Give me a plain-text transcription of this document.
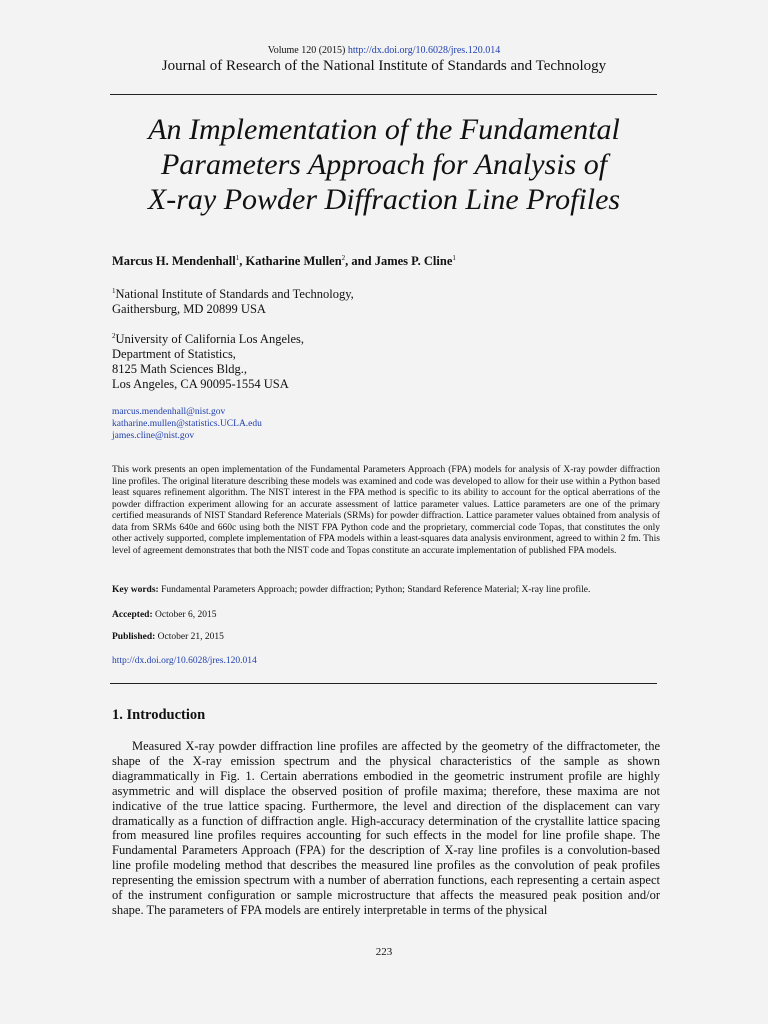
Volume 120 (2015) http://dx.doi.org/10.6028/jres.120.014
Journal of Research of the National Institute of Standards and Technology
An Implementation of the Fundamental
Parameters Approach for Analysis of
X-ray Powder Diffraction Line Profiles
Marcus H. Mendenhall$^1$, Katharine Mullen$^2$, and James P. Cline$^1$
$^1$National Institute of Standards and Technology,
Gaithersburg, MD 20899 USA
$^2$University of California Los Angeles,
Department of Statistics,
8125 Math Sciences Bldg.,
Los Angeles, CA 90095-1554 USA
marcus.mendenhall@nist.gov
katharine.mullen@statistics.UCLA.edu
james.cline@nist.gov
This work presents an open implementation of the Fundamental Parameters Approach (FPA) models for analysis of X-ray powder diffraction line profiles. The original literature describing these models was examined and code was developed to allow for their use within a Python based least squares refinement algorithm. The NIST interest in the FPA method is specific to its ability to account for the optical aberrations of the powder diffraction experiment allowing for an accurate assessment of lattice parameter values. Lattice parameters are one of the primary certified measurands of NIST Standard Reference Materials (SRMs) for powder diffraction. Lattice parameter values obtained from analysis of data from SRMs 640e and 660c using both the NIST FPA Python code and the proprietary, commercial code Topas, that constitutes the only other actively supported, complete implementation of FPA models within a least-squares data analysis environment, agreed to within 2 fm. This level of agreement demonstrates that both the NIST code and Topas constitute an accurate implementation of published FPA models.
Key words: Fundamental Parameters Approach; powder diffraction; Python; Standard Reference Material; X-ray line profile.
Accepted: October 6, 2015
Published: October 21, 2015
http://dx.doi.org/10.6028/jres.120.014
1. Introduction
Measured X-ray powder diffraction line profiles are affected by the geometry of the diffractometer, the shape of the X-ray emission spectrum and the physical characteristics of the sample as shown diagrammatically in Fig. 1. Certain aberrations embodied in the geometric instrument profile are highly asymmetric and will displace the observed position of profile maxima; therefore, these maxima are not indicative of the true lattice spacing. Furthermore, the level and direction of the displacement can vary dramatically as a function of diffraction angle. High-accuracy determination of the crystallite lattice spacing from measured line profiles requires accounting for such effects in the model for line profile shape. The Fundamental Parameters Approach (FPA) for the description of X-ray line profiles is a convolution-based line profile modeling method that describes the measured line profiles as the convolution of peak profiles representing the emission spectrum with a number of aberration functions, each representing a certain aspect of the instrument configuration or sample microstructure that affects the measured peak position and/or shape. The parameters of FPA models are entirely interpretable in terms of the physical
223
